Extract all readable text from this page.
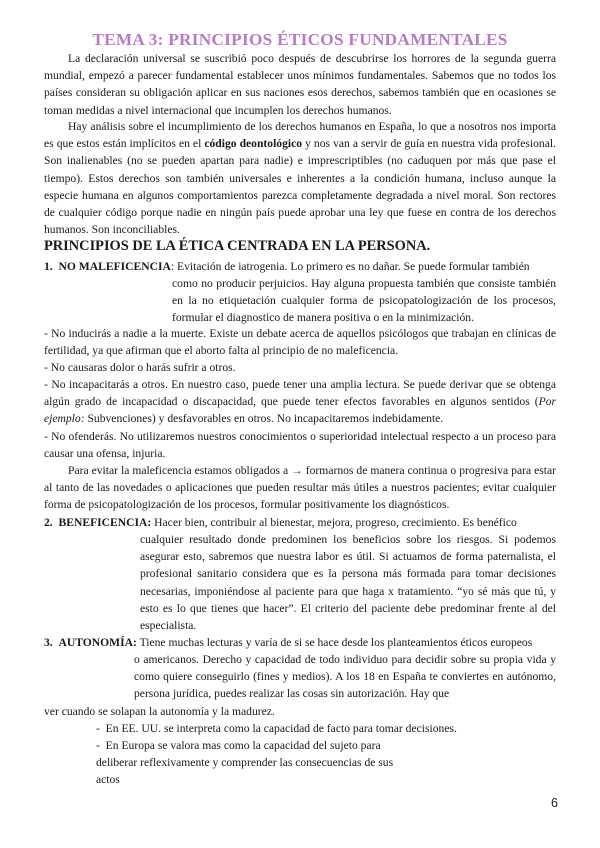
TEMA 3: PRINCIPIOS ÉTICOS FUNDAMENTALES

La declaración universal se suscribió poco después de descubrirse los horrores de la segunda guerra mundial, empezó a parecer fundamental establecer unos mínimos fundamentales. Sabemos que no todos los países consideran su obligación aplicar en sus naciones esos derechos, sabemos también que en ocasiones se toman medidas a nivel internacional que incumplen los derechos humanos.

Hay análisis sobre el incumplimiento de los derechos humanos en España, lo que a nosotros nos importa es que estos están implícitos en el código deontológico y nos van a servir de guía en nuestra vida profesional. Son inalienables (no se pueden apartan para nadie) e imprescriptibles (no caduquen por más que pase el tiempo). Estos derechos son también universales e inherentes a la condición humana, incluso aunque la especie humana en algunos comportamientos parezca completamente degradada a nivel moral. Son rectores de cualquier código porque nadie en ningún país puede aprobar una ley que fuese en contra de los derechos humanos. Son inconciliables.

PRINCIPIOS DE LA ÉTICA CENTRADA EN LA PERSONA.
1. NO MALEFICENCIA: Evitación de iatrogenia. Lo primero es no dañar. Se puede formular también
como no producir perjuicios. Hay alguna propuesta también que consiste también en la no etiquetación cualquier forma de psicopatologización de los procesos, formular el diagnostico de manera positiva o en la minimización.

- No inducirás a nadie a la muerte. Existe un debate acerca de aquellos psicólogos que trabajan en clínicas de fertilidad, ya que afirman que el aborto falta al principio de no maleficencia.

- No causaras dolor o harás sufrir a otros.

- No incapacitarás a otros. En nuestro caso, puede tener una amplia lectura. Se puede derivar que se obtenga algún grado de incapacidad o discapacidad, que puede tener efectos favorables en algunos sentidos (Por ejemplo: Subvenciones) y desfavorables en otros. No incapacitaremos indebidamente.

- No ofenderás. No utilizaremos nuestros conocimientos o superioridad intelectual respecto a un proceso para causar una ofensa, injuria.

Para evitar la maleficencia estamos obligados a → formarnos de manera continua o progresiva para estar al tanto de las novedades o aplicaciones que pueden resultar más útiles a nuestros pacientes; evitar cualquier forma de psicopatologización de los procesos, formular positivamente los diagnósticos.

2. BENEFICENCIA: Hacer bien, contribuir al bienestar, mejora, progreso, crecimiento. Es benéfico
cualquier resultado donde predominen los beneficios sobre los riesgos. Si podemos asegurar esto, sabremos que nuestra labor es útil. Si actuamos de forma paternalista, el profesional sanitario considera que es la persona más formada para tomar decisiones necesarias, imponiéndose al paciente para que haga x tratamiento. “yo sé más que tú, y esto es lo que tienes que hacer”. El criterio del paciente debe predominar frente al del especialista.
3. AUTONOMÍA: Tiene muchas lecturas y varía de si se hace desde los planteamientos éticos europeos
o americanos. Derecho y capacidad de todo individuo para decidir sobre su propia vida y como quiere conseguirlo (fines y medios). A los 18 en España te conviertes en autónomo, persona jurídica, puedes realizar las cosas sin autorización. Hay que

ver cuando se solapan la autonomía y la madurez.

-  En EE. UU. se interpreta como la capacidad de facto para tomar decisiones.
-  En Europa se valora mas como la capacidad del sujeto para deliberar reflexivamente y comprender las consecuencias de sus actos
6
